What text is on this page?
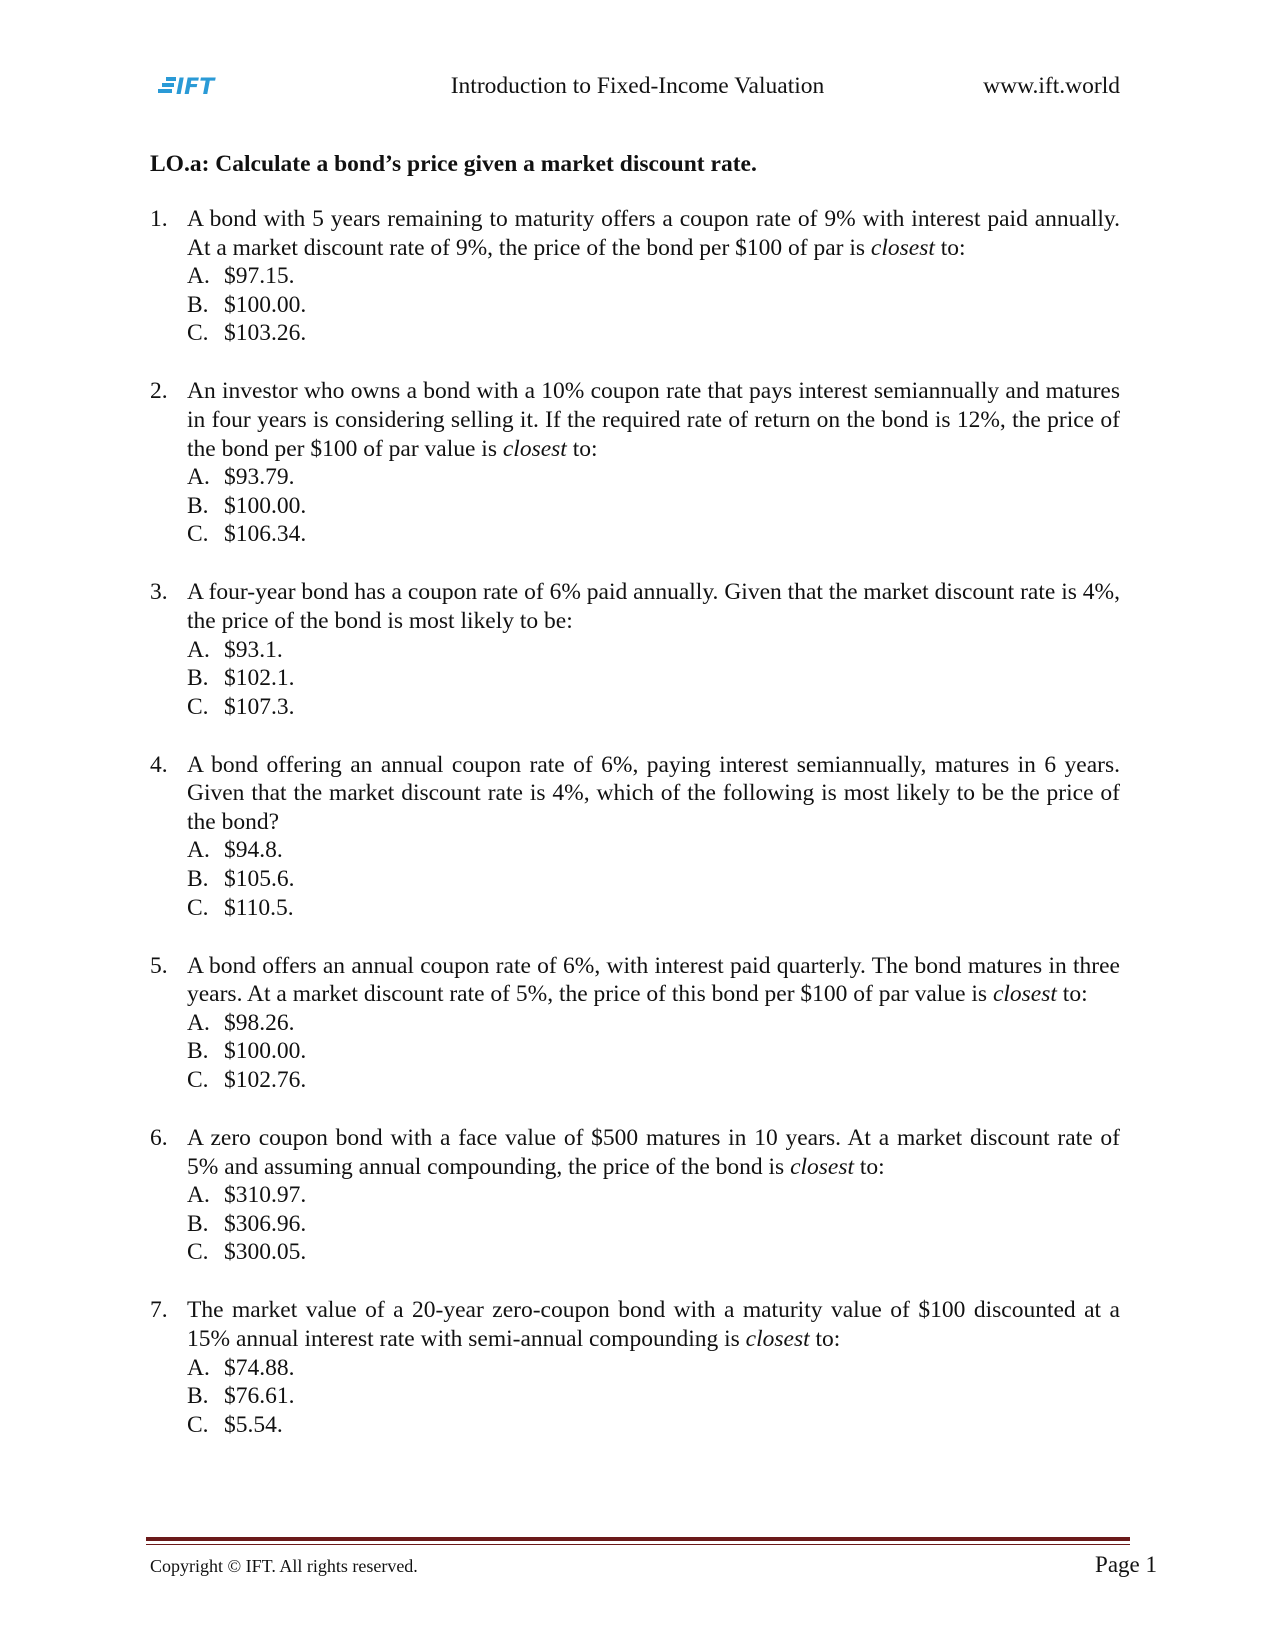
IFT	Introduction to Fixed-Income Valuation	www.ift.world
LO.a: Calculate a bond’s price given a market discount rate.
1. A bond with 5 years remaining to maturity offers a coupon rate of 9% with interest paid annually. At a market discount rate of 9%, the price of the bond per $100 of par is closest to:

A. $97.15.
B. $100.00.
C. $103.26.
2. An investor who owns a bond with a 10% coupon rate that pays interest semiannually and matures in four years is considering selling it. If the required rate of return on the bond is 12%, the price of the bond per $100 of par value is closest to:

A. $93.79.
B. $100.00.
C. $106.34.
3. A four-year bond has a coupon rate of 6% paid annually. Given that the market discount rate is 4%, the price of the bond is most likely to be:

A. $93.1.
B. $102.1.
C. $107.3.
4. A bond offering an annual coupon rate of 6%, paying interest semiannually, matures in 6 years. Given that the market discount rate is 4%, which of the following is most likely to be the price of the bond?

A. $94.8.
B. $105.6.
C. $110.5.
5. A bond offers an annual coupon rate of 6%, with interest paid quarterly. The bond matures in three years. At a market discount rate of 5%, the price of this bond per $100 of par value is closest to:

A. $98.26.
B. $100.00.
C. $102.76.
6. A zero coupon bond with a face value of $500 matures in 10 years. At a market discount rate of 5% and assuming annual compounding, the price of the bond is closest to:

A. $310.97.
B. $306.96.
C. $300.05.
7. The market value of a 20-year zero-coupon bond with a maturity value of $100 discounted at a 15% annual interest rate with semi-annual compounding is closest to:

A. $74.88.
B. $76.61.
C. $5.54.
Copyright © IFT. All rights reserved.	Page 1
